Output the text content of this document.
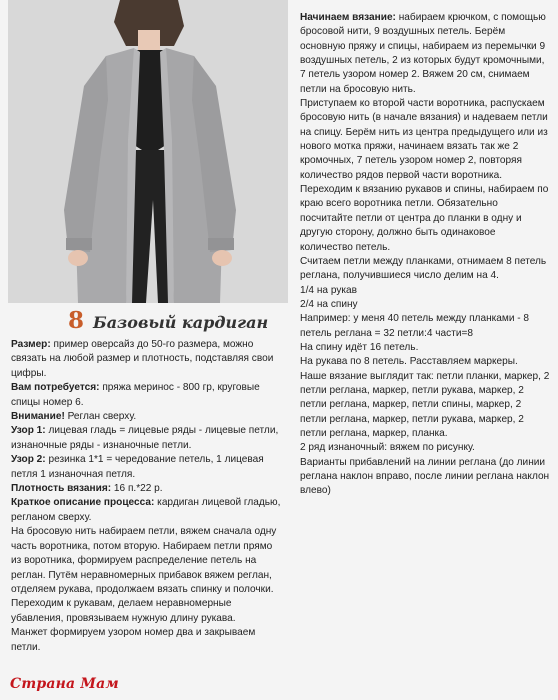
8 Базовый кардиган

Размер: пример оверсайз до 50-го размера, можно связать на любой размер и плотность, подставляя свои цифры.

Вам потребуется: пряжа меринос - 800 гр, круговые спицы номер 6.

Внимание! Реглан сверху.

Узор 1: лицевая гладь = лицевые ряды - лицевые петли, изнаночные ряды - изнаночные петли.

Узор 2: резинка 1*1 = чередование петель, 1 лицевая петля 1 изнаночная петля.

Плотность вязания: 16 п.*22 р.

Краткое описание процесса: кардиган лицевой гладью, регланом сверху.

На бросовую нить набираем петли, вяжем сначала одну часть воротника, потом вторую. Набираем петли прямо из воротника, формируем распределение петель на реглан. Путём неравномерных прибавок вяжем реглан, отделяем рукава, продолжаем вязать спинку и полочки.

Переходим к рукавам, делаем неравномерные убавления, провязываем нужную длину рукава.

Манжет формируем узором номер два и закрываем петли.

Начинаем вязание: набираем крючком, с помощью бросовой нити, 9 воздушных петель. Берём основную пряжу и спицы, набираем из перемычки 9 воздушных петель, 2 из которых будут кромочными, 7 петель узором номер 2. Вяжем 20 см, снимаем петли на бросовую нить.

Приступаем ко второй части воротника, распускаем бросовую нить (в начале вязания) и надеваем петли на спицу. Берём нить из центра предыдущего или из нового мотка пряжи, начинаем вязать так же 2 кромочных, 7 петель узором номер 2, повторяя количество рядов первой части воротника.

Переходим к вязанию рукавов и спины, набираем по краю всего воротника петли. Обязательно посчитайте петли от центра до планки в одну и другую сторону, должно быть одинаковое количество петель.

Считаем петли между планками, отнимаем 8 петель реглана, получившиеся число делим на 4.

1/4 на рукав

2/4 на спину

Например: у меня 40 петель между планками - 8 петель реглана = 32 петли:4 части=8

На спину идёт 16 петель.

На рукава по 8 петель. Расставляем маркеры.

Наше вязание выглядит так: петли планки, маркер, 2 петли реглана, маркер, петли рукава, маркер, 2 петли реглана, маркер, петли спины, маркер, 2 петли реглана, маркер, петли рукава, маркер, 2 петли реглана, маркер, планка.

2 ряд изнаночный: вяжем по рисунку.

Варианты прибавлений на линии реглана (до линии реглана наклон вправо, после линии реглана наклон влево)

Страна Мам
